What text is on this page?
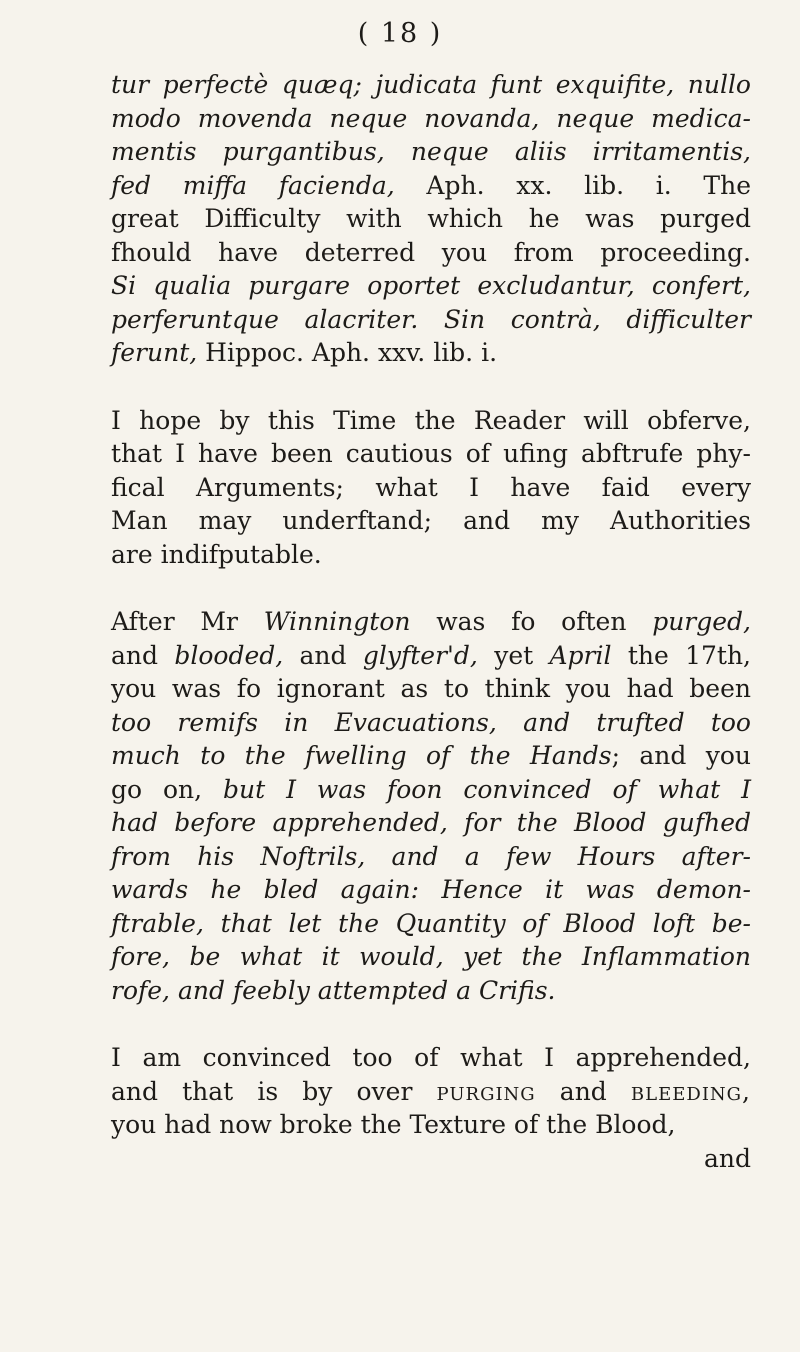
( 18 )
tur perfectè quæq; judicata funt exquifite, nullo
modo movenda neque novanda, neque medica-
mentis purgantibus, neque aliis irritamentis,
fed miffa facienda, Aph. xx. lib. i. The
great Difficulty with which he was purged
fhould have deterred you from proceeding.
Si qualia purgare oportet excludantur, confert,
perferuntque alacriter. Sin contrà, difficulter
ferunt, Hippoc. Aph. xxv. lib. i.
I hope by this Time the Reader will obferve,
that I have been cautious of ufing abftrufe phy-
fical Arguments; what I have faid every
Man may underftand; and my Authorities
are indifputable.
After Mr Winnington was fo often purged,
and blooded, and glyfter'd, yet April the 17th,
you was fo ignorant as to think you had been
too remifs in Evacuations, and trufted too
much to the fwelling of the Hands; and you
go on, but I was foon convinced of what I
had before apprehended, for the Blood gufhed
from his Noftrils, and a few Hours after-
wards he bled again: Hence it was demon-
ftrable, that let the Quantity of Blood loft be-
fore, be what it would, yet the Inflammation
rofe, and feebly attempted a Crifis.
I am convinced too of what I apprehended,
and that is by over purging and bleeding,
you had now broke the Texture of the Blood,
and
